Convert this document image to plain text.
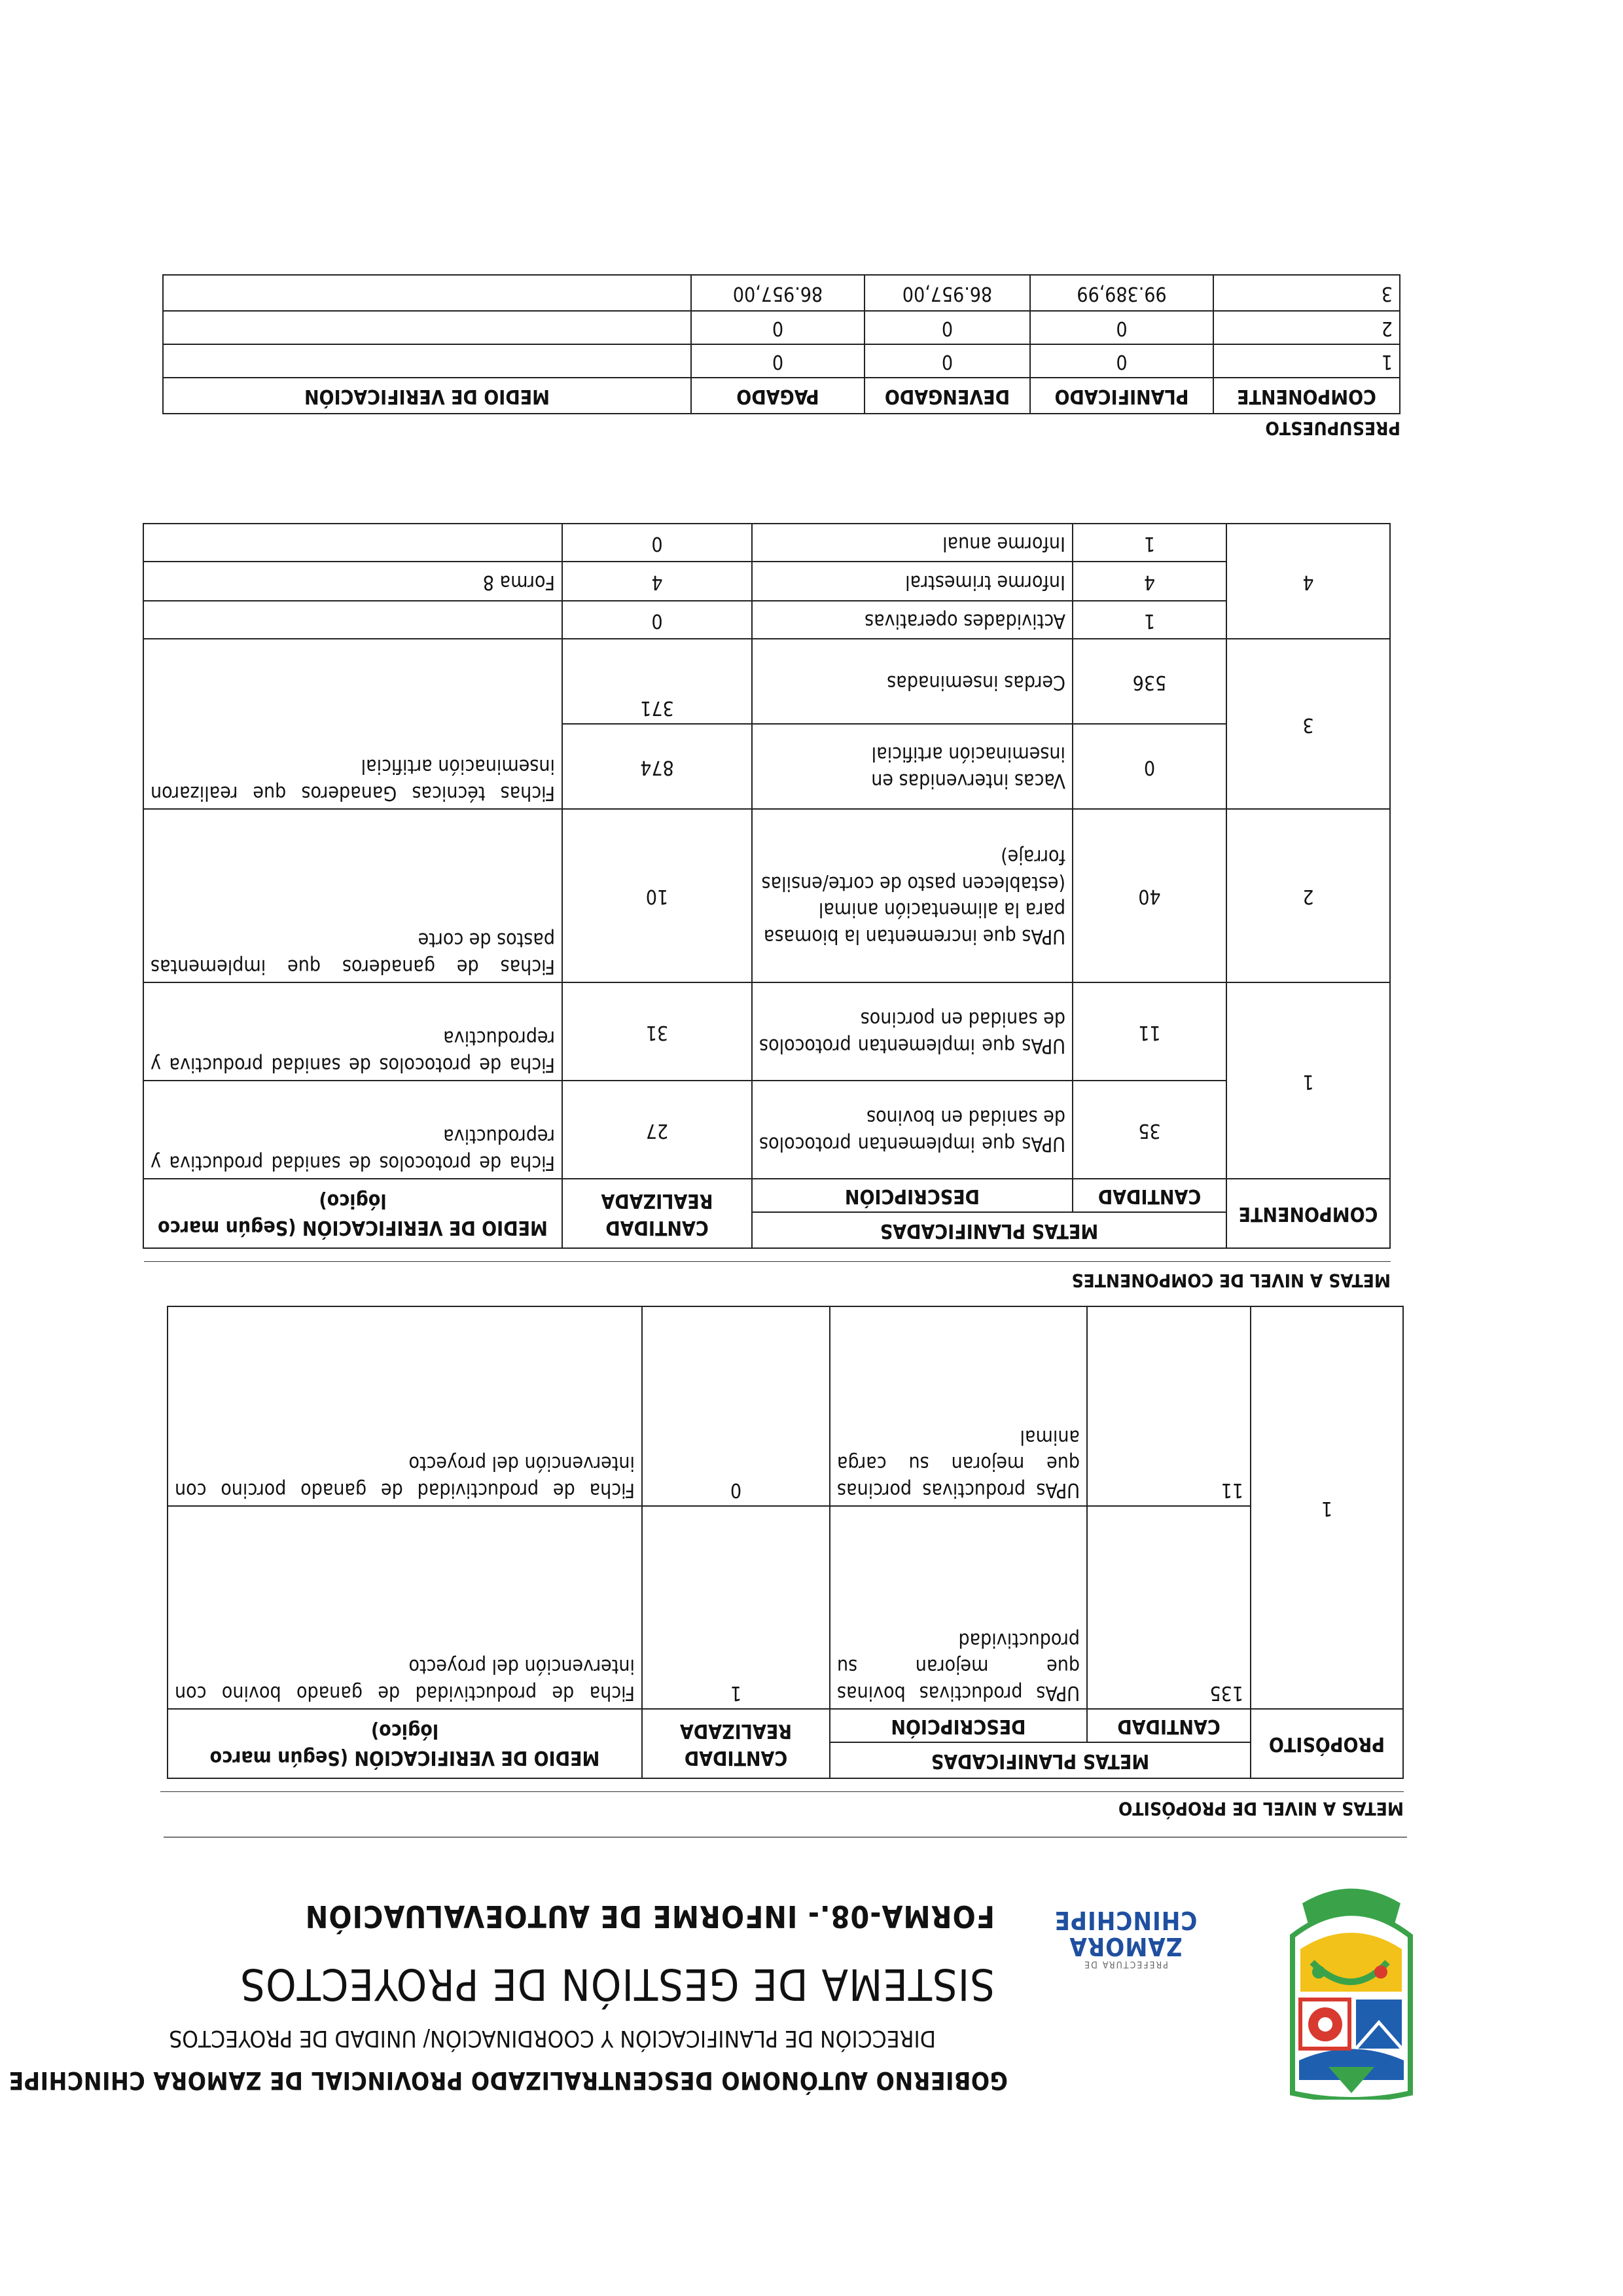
PREFECTURA DE
ZAMORA
CHINCHIPE
GOBIERNO AUTÓNOMO DESCENTRALIZADO PROVINCIAL DE ZAMORA CHINCHIPE
DIRECCIÓN DE PLANIFICACIÓN Y COORDINACIÓN/ UNIDAD DE PROYECTOS
SISTEMA DE GESTIÓN DE PROYECTOS
FORMA-08.- INFORME DE AUTOEVALUACIÓN
METAS A NIVEL DE PROPÓSITO
PROPÓSITO	METAS PLANIFICADAS		CANTIDAD REALIZADA	MEDIO DE VERIFICACIÓN (Según marco lógico)
	CANTIDAD	DESCRIPCIÓN		
1	135	UPAs productivas bovinas que mejoran su productividad	1	Ficha de productividad de ganado bovino con intervención del proyecto
	11	UPAs productivas porcinas que mejoran su carga animal	0	Ficha de productividad de ganado porcino con intervención del proyecto
METAS A NIVEL DE COMPONENTES
COMPONENTE	METAS PLANIFICADAS		CANTIDAD REALIZADA	MEDIO DE VERIFICACIÓN (Según marco lógico)
	CANTIDAD	DESCRIPCIÓN		
1	35	UPAs que implementan protocolos de sanidad en bovinos	27	Ficha de protocolos de sanidad productiva y reproductiva
	11	UPAs que implementan protocolos de sanidad en porcinos	31	Ficha de protocolos de sanidad productiva y reproductiva
2	40	UPAs que incrementan la biomasa para la alimentación animal (establecen pasto de corte/ensilas forraje)	10	Fichas de ganaderos que implementas pastos de corte
3	0	Vacas intervenidas en inseminación artificial	874	Fichas técnicas Ganaderos que realizaron inseminación artificial
	536	Cerdas inseminadas	371	
4	1	Actividades operativas	0	
	4	Informe trimestral	4	Forma 8
	1	Informe anual	0	
PRESUPUESTO
COMPONENTE	PLANIFICADO	DEVENGADO	PAGADO	MEDIO DE VERIFICACIÓN
1	0	0	0	
2	0	0	0	
3	99.389,99	86.957,00	86.957,00	
